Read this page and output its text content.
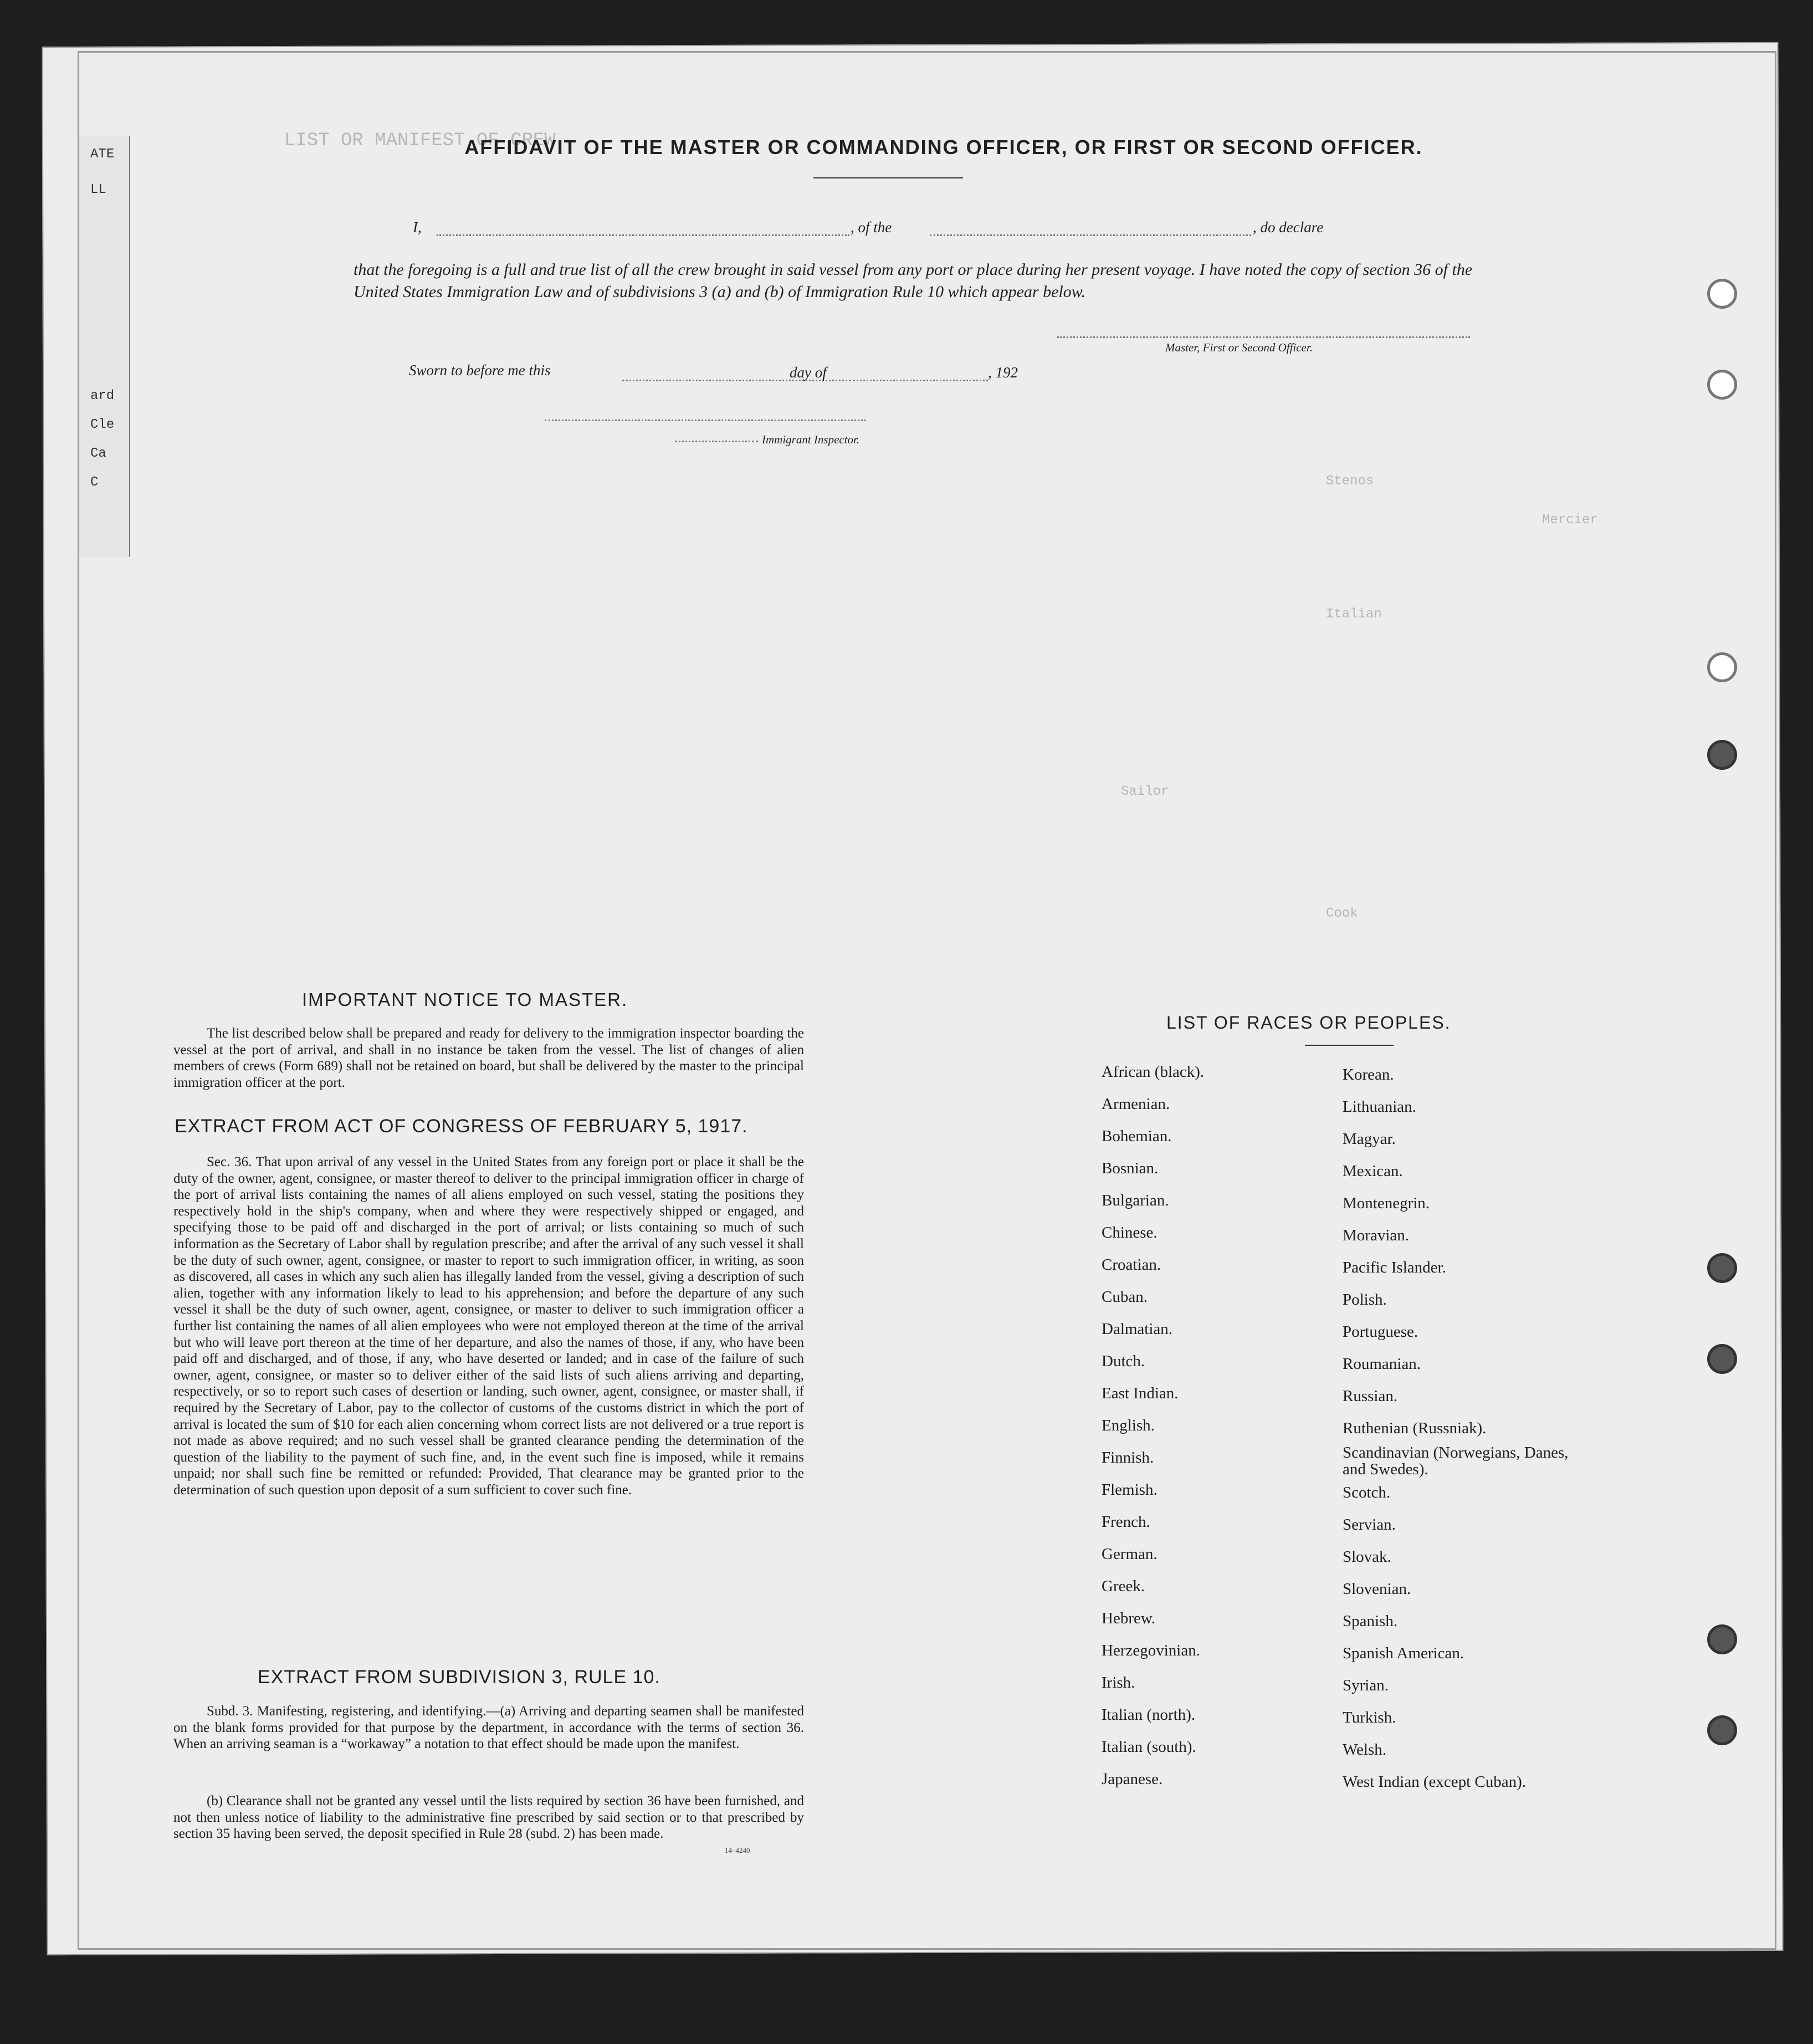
ATE
LL
ard
Cle
Ca
C
LIST OR MANIFEST OF CREW
Stenos
Mercier
Italian
Sailor
Cook
AFFIDAVIT OF THE MASTER OR COMMANDING OFFICER, OR FIRST OR SECOND OFFICER.
I,	, of the	, do declare
that the foregoing is a full and true list of all the crew brought in said vessel from any port or place during her present voyage. I have noted the copy of section 36 of the United States Immigration Law and of subdivisions 3 (a) and (b) of Immigration Rule 10 which appear below.
Master, First or Second Officer.
Sworn to before me this	day of	, 192
Immigrant Inspector.
IMPORTANT NOTICE TO MASTER.
The list described below shall be prepared and ready for delivery to the immigration inspector boarding the vessel at the port of arrival, and shall in no instance be taken from the vessel. The list of changes of alien members of crews (Form 689) shall not be retained on board, but shall be delivered by the master to the principal immigration officer at the port.
EXTRACT FROM ACT OF CONGRESS OF FEBRUARY 5, 1917.
Sec. 36. That upon arrival of any vessel in the United States from any foreign port or place it shall be the duty of the owner, agent, consignee, or master thereof to deliver to the principal immigration officer in charge of the port of arrival lists containing the names of all aliens employed on such vessel, stating the positions they respectively hold in the ship's company, when and where they were respectively shipped or engaged, and specifying those to be paid off and discharged in the port of arrival; or lists containing so much of such information as the Secretary of Labor shall by regulation prescribe; and after the arrival of any such vessel it shall be the duty of such owner, agent, consignee, or master to report to such immigration officer, in writing, as soon as discovered, all cases in which any such alien has illegally landed from the vessel, giving a description of such alien, together with any information likely to lead to his apprehension; and before the departure of any such vessel it shall be the duty of such owner, agent, consignee, or master to deliver to such immigration officer a further list containing the names of all alien employees who were not employed thereon at the time of the arrival but who will leave port thereon at the time of her departure, and also the names of those, if any, who have been paid off and discharged, and of those, if any, who have deserted or landed; and in case of the failure of such owner, agent, consignee, or master so to deliver either of the said lists of such aliens arriving and departing, respectively, or so to report such cases of desertion or landing, such owner, agent, consignee, or master shall, if required by the Secretary of Labor, pay to the collector of customs of the customs district in which the port of arrival is located the sum of $10 for each alien concerning whom correct lists are not delivered or a true report is not made as above required; and no such vessel shall be granted clearance pending the determination of the question of the liability to the payment of such fine, and, in the event such fine is imposed, while it remains unpaid; nor shall such fine be remitted or refunded: Provided, That clearance may be granted prior to the determination of such question upon deposit of a sum sufficient to cover such fine.
EXTRACT FROM SUBDIVISION 3, RULE 10.
Subd. 3. Manifesting, registering, and identifying.—(a) Arriving and departing seamen shall be manifested on the blank forms provided for that purpose by the department, in accordance with the terms of section 36. When an arriving seaman is a “workaway” a notation to that effect should be made upon the manifest.
(b) Clearance shall not be granted any vessel until the lists required by section 36 have been furnished, and not then unless notice of liability to the administrative fine prescribed by said section or to that prescribed by section 35 having been served, the deposit specified in Rule 28 (subd. 2) has been made.
14–4240
LIST OF RACES OR PEOPLES.
African (black).
Armenian.
Bohemian.
Bosnian.
Bulgarian.
Chinese.
Croatian.
Cuban.
Dalmatian.
Dutch.
East Indian.
English.
Finnish.
Flemish.
French.
German.
Greek.
Hebrew.
Herzegovinian.
Irish.
Italian (north).
Italian (south).
Japanese.
Korean.
Lithuanian.
Magyar.
Mexican.
Montenegrin.
Moravian.
Pacific Islander.
Polish.
Portuguese.
Roumanian.
Russian.
Ruthenian (Russniak).
Scandinavian (Norwegians, Danes, and Swedes).
Scotch.
Servian.
Slovak.
Slovenian.
Spanish.
Spanish American.
Syrian.
Turkish.
Welsh.
West Indian (except Cuban).
